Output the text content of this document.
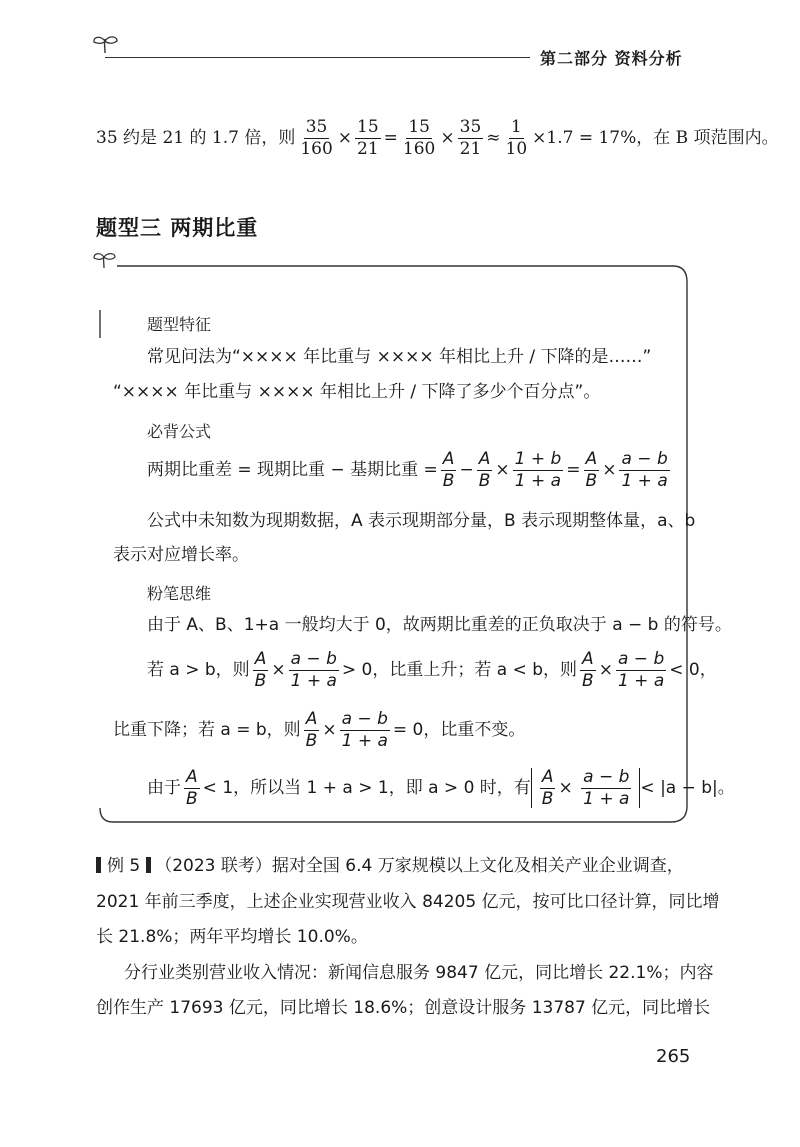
第二部分 资料分析
35 约是 21 的 1.7 倍，则 $\frac{35}{160} \times \frac{15}{21} = \frac{15}{160} \times \frac{35}{21} \approx \frac{1}{10} \times 1.7 = 17\%$，在 B 项范围内。
题型三 两期比重
题型特征
常见问法为“×××× 年比重与 ×××× 年相比上升 / 下降的是……”
“×××× 年比重与 ×××× 年相比上升 / 下降了多少个百分点”。
必背公式
两期比重差 = 现期比重 − 基期比重 = $\frac{A}{B} - \frac{A}{B} \times \frac{1 + b}{1 + a} = \frac{A}{B} \times \frac{a - b}{1 + a}$
公式中未知数为现期数据，A 表示现期部分量，B 表示现期整体量，a、b
表示对应增长率。
粉笔思维
由于 A、B、1+a 一般均大于 0，故两期比重差的正负取决于 a − b 的符号。
若 a > b，则 $\frac{A}{B} \times \frac{a - b}{1 + a} > 0$，比重上升；若 a < b，则 $\frac{A}{B} \times \frac{a - b}{1 + a} < 0$，
比重下降；若 a = b，则 $\frac{A}{B} \times \frac{a - b}{1 + a} = 0$，比重不变。
由于 $\frac{A}{B} < 1$，所以当 1 + a > 1，即 a > 0 时，有 $\frac{A}{B} \times \frac{a - b}{1 + a} < |a - b|$。
例 5 （2023 联考）据对全国 6.4 万家规模以上文化及相关产业企业调查，
2021 年前三季度，上述企业实现营业收入 84205 亿元，按可比口径计算，同比增
长 21.8%；两年平均增长 10.0%。
分行业类别营业收入情况：新闻信息服务 9847 亿元，同比增长 22.1%；内容
创作生产 17693 亿元，同比增长 18.6%；创意设计服务 13787 亿元，同比增长
265
